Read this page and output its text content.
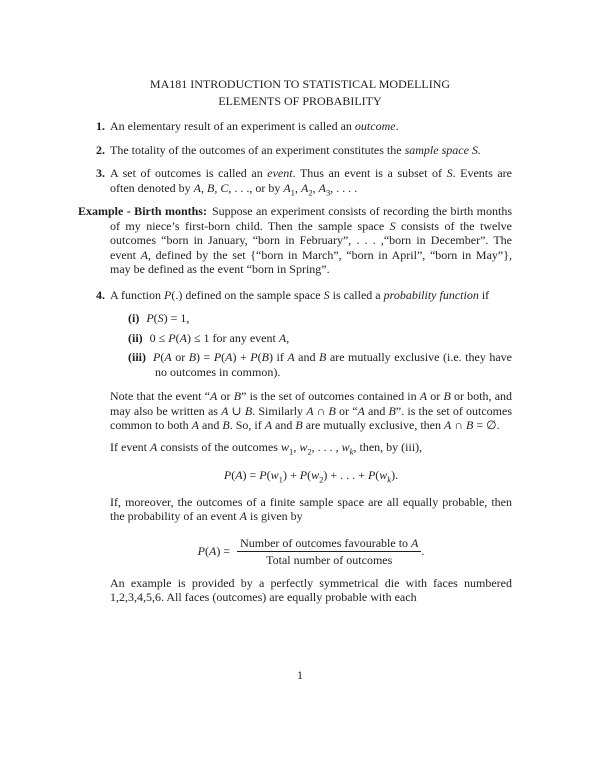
MA181 INTRODUCTION TO STATISTICAL MODELLING
ELEMENTS OF PROBABILITY
1. An elementary result of an experiment is called an outcome.
2. The totality of the outcomes of an experiment constitutes the sample space S.
3. A set of outcomes is called an event. Thus an event is a subset of S. Events are often denoted by A, B, C, . . ., or by $A_1$, $A_2$, $A_3$, . . . .
Example - Birth months: Suppose an experiment consists of recording the birth months of my niece’s first-born child. Then the sample space S consists of the twelve outcomes “born in January, “born in February”, . . . ,“born in December”. The event A, defined by the set {“born in March”, “born in April”, “born in May”}, may be defined as the event “born in Spring”.
4. A function P(.) defined on the sample space S is called a probability function if
(i) P(S) = 1,
(ii) 0 ≤ P(A) ≤ 1 for any event A,
(iii) P(A or B) = P(A) + P(B) if A and B are mutually exclusive (i.e. they have no outcomes in common).
Note that the event “A or B” is the set of outcomes contained in A or B or both, and may also be written as A ∪ B. Similarly A ∩ B or “A and B”. is the set of outcomes common to both A and B. So, if A and B are mutually exclusive, then A ∩ B = ∅.
If event A consists of the outcomes $w_1$, $w_2$, . . . , $w_k$, then, by (iii),
$P(A) = P(w_1) + P(w_2)$ + . . . + $P(w_k)$.
If, moreover, the outcomes of a finite sample space are all equally probable, then the probability of an event A is given by
$P(A) = \frac{\text{Number of outcomes favourable to A}}{\text{Total number of outcomes}}$ .
An example is provided by a perfectly symmetrical die with faces numbered 1,2,3,4,5,6. All faces (outcomes) are equally probable with each
1
